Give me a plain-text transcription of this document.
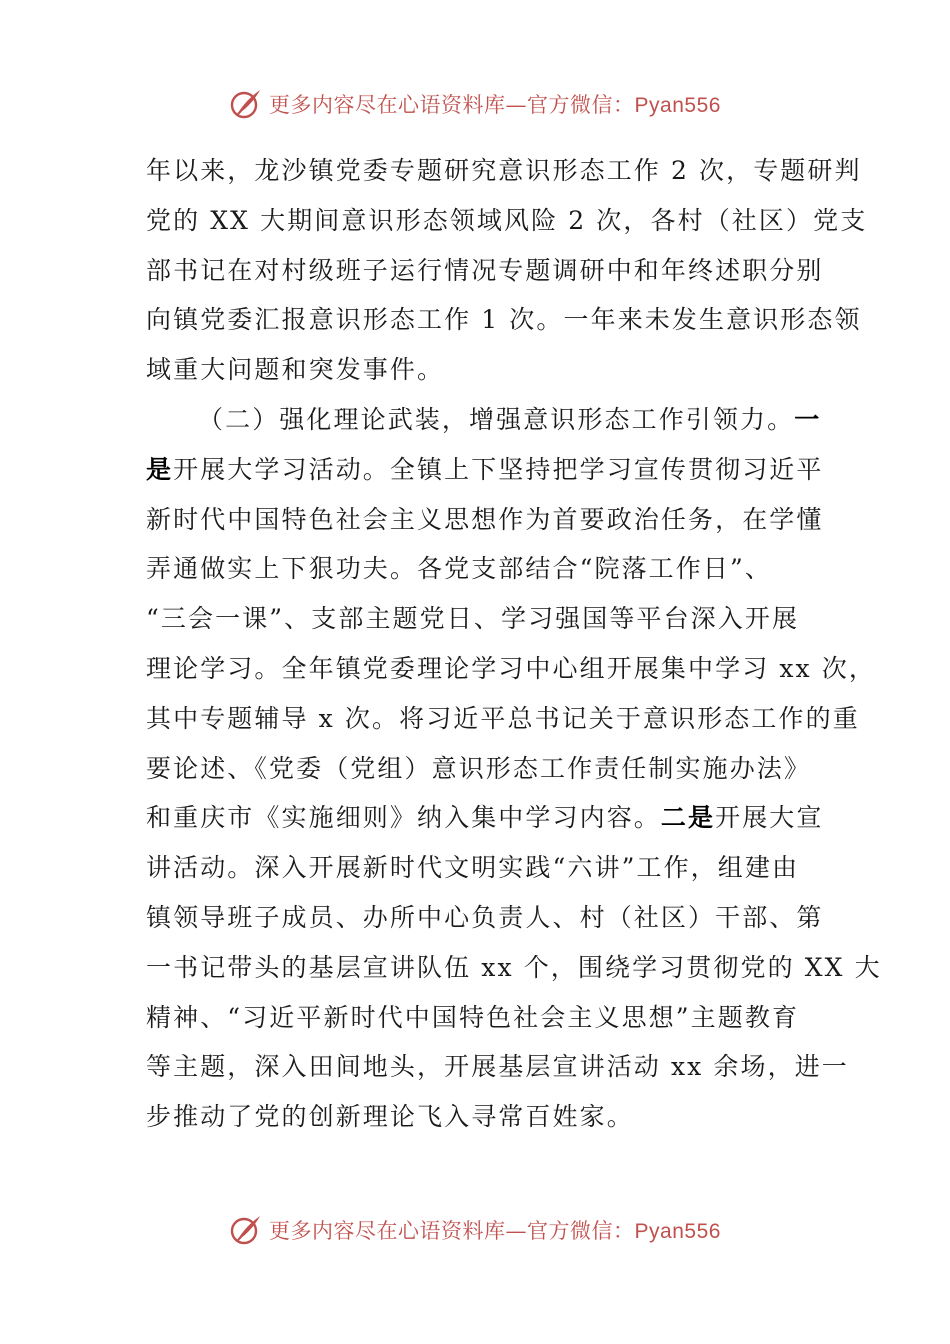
更多内容尽在心语资料库—官方微信：Pyan556
年以来，龙沙镇党委专题研究意识形态工作 2 次，专题研判
党的 XX 大期间意识形态领域风险 2 次，各村（社区）党支
部书记在对村级班子运行情况专题调研中和年终述职分别
向镇党委汇报意识形态工作 1 次。一年来未发生意识形态领
域重大问题和突发事件。
（二）强化理论武装，增强意识形态工作引领力。一
是开展大学习活动。全镇上下坚持把学习宣传贯彻习近平
新时代中国特色社会主义思想作为首要政治任务，在学懂
弄通做实上下狠功夫。各党支部结合“院落工作日”、
“三会一课”、支部主题党日、学习强国等平台深入开展
理论学习。全年镇党委理论学习中心组开展集中学习 xx 次，
其中专题辅导 x 次。将习近平总书记关于意识形态工作的重
要论述、《党委（党组）意识形态工作责任制实施办法》
和重庆市《实施细则》纳入集中学习内容。二是开展大宣
讲活动。深入开展新时代文明实践“六讲”工作，组建由
镇领导班子成员、办所中心负责人、村（社区）干部、第
一书记带头的基层宣讲队伍 xx 个，围绕学习贯彻党的 XX 大
精神、“习近平新时代中国特色社会主义思想”主题教育
等主题，深入田间地头，开展基层宣讲活动 xx 余场，进一
步推动了党的创新理论飞入寻常百姓家。
更多内容尽在心语资料库—官方微信：Pyan556
